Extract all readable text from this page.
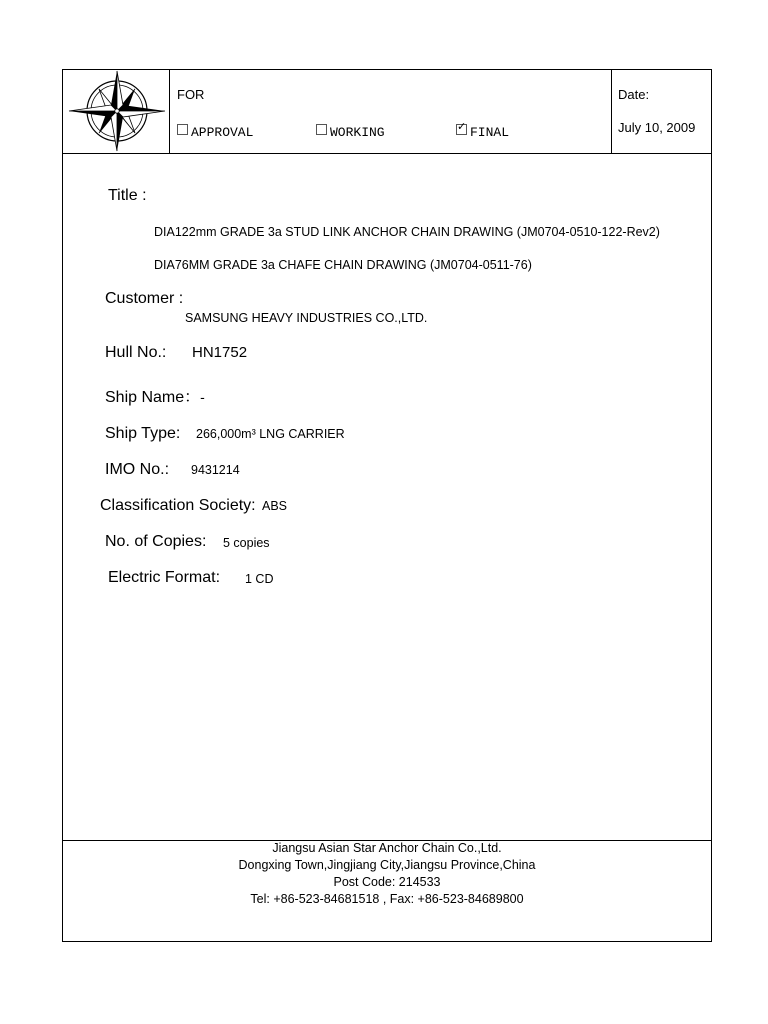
FOR
APPROVAL	WORKING
✓	FINAL
Date:
July 10, 2009
Title :
DIA122mm GRADE 3a STUD LINK ANCHOR CHAIN DRAWING (JM0704-0510-122-Rev2)
DIA76MM GRADE 3a CHAFE CHAIN DRAWING (JM0704-0511-76)
Customer :
SAMSUNG HEAVY INDUSTRIES CO.,LTD.
Hull No.: HN1752
Ship Name：-
Ship Type: 266,000m³ LNG CARRIER
IMO No.: 9431214
Classification Society: ABS
No. of Copies: 5 copies
Electric Format: 1 CD
Jiangsu Asian Star Anchor Chain Co.,Ltd.
Dongxing Town,Jingjiang City,Jiangsu Province,China
Post Code: 214533
Tel: +86-523-84681518 , Fax: +86-523-84689800
